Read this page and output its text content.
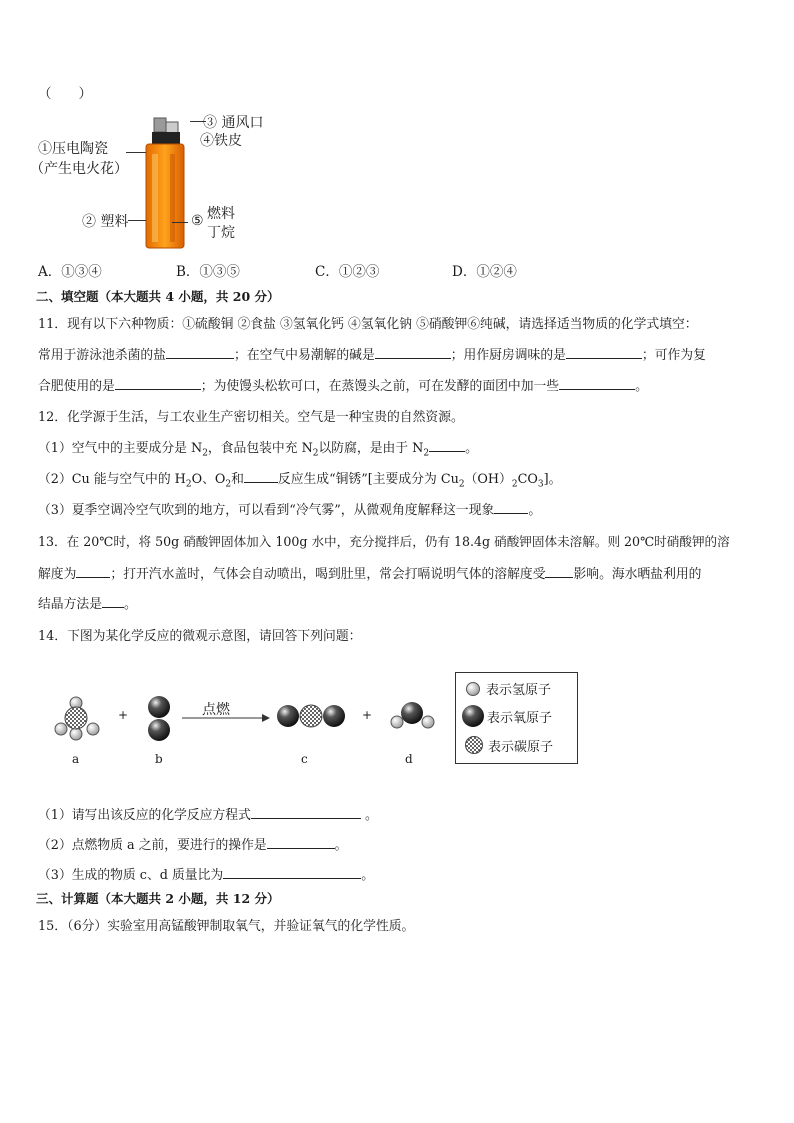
（　　）
③ 通风口
④铁皮
①压电陶瓷
（产生电火花）
② 塑料	燃料
⑤
丁烷
A．①③④	B．①③⑤	C．①②③	D．①②④
二、填空题（本大题共 4 小题，共 20 分）
11．现有以下六种物质：①硫酸铜 ②食盐 ③氢氧化钙 ④氢氧化钠 ⑤硝酸钾⑥纯碱，请选择适当物质的化学式填空：
常用于游泳池杀菌的盐	；在空气中易潮解的碱是	；用作厨房调味的是	；可作为复
合肥使用的是	；为使馒头松软可口，在蒸馒头之前，可在发酵的面团中加一些	。
12．化学源于生活，与工农业生产密切相关。空气是一种宝贵的自然资源。
（1）空气中的主要成分是 $N_2$，食品包装中充 $N_2$以防腐，是由于 $N_2$	。
（2）Cu 能与空气中的 $H_2O$、$O_2$和	反应生成“铜锈”[主要成分为 $Cu_2(OH)_2CO_3$]。
（3）夏季空调冷空气吹到的地方，可以看到“冷气雾”，从微观角度解释这一现象	。
13．在 20℃时，将 50g 硝酸钾固体加入 100g 水中，充分搅拌后，仍有 18.4g 硝酸钾固体未溶解。则 20℃时硝酸钾的溶
解度为	；打开汽水盖时，气体会自动喷出，喝到肚里，常会打嗝说明气体的溶解度受 影响。海水晒盐利用的
结晶方法是 。
14．下图为某化学反应的微观示意图，请回答下列问题：
+	+
点燃
a	b	c	d
表示氢原子
表示氧原子
表示碳原子
（1）请写出该反应的化学反应方程式	。
（2）点燃物质 a 之前，要进行的操作是	。
（3）生成的物质 c、d 质量比为	。
三、计算题（本大题共 2 小题，共 12 分）
15．（6分）实验室用高锰酸钾制取氧气，并验证氧气的化学性质。
